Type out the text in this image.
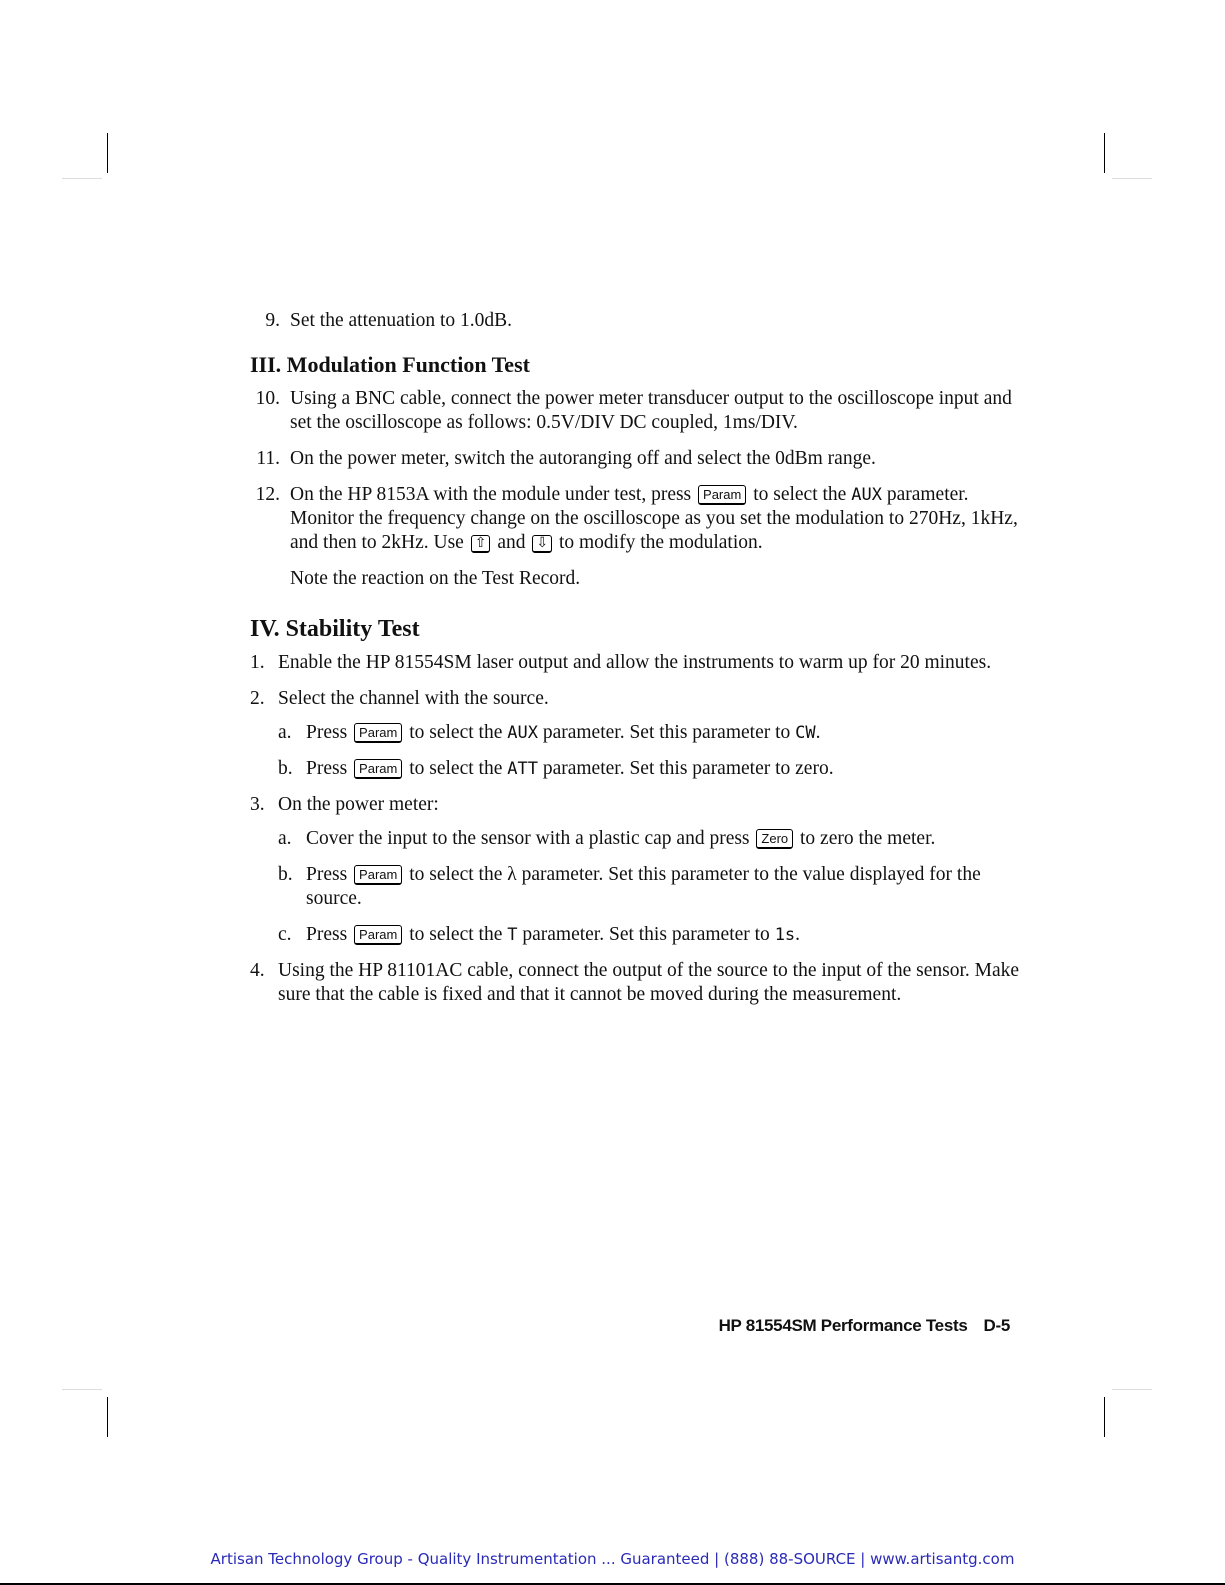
9. Set the attenuation to 1.0dB.
III. Modulation Function Test
10. Using a BNC cable, connect the power meter transducer output to the oscilloscope input and set the oscilloscope as follows: 0.5V/DIV DC coupled, 1ms/DIV.
11. On the power meter, switch the autoranging off and select the 0dBm range.
12. On the HP 8153A with the module under test, press Param to select the AUX parameter. Monitor the frequency change on the oscilloscope as you set the modulation to 270Hz, 1kHz, and then to 2kHz. Use ⇧ and ⇩ to modify the modulation.
Note the reaction on the Test Record.
IV. Stability Test
1. Enable the HP 81554SM laser output and allow the instruments to warm up for 20 minutes.
2. Select the channel with the source.
a. Press Param to select the AUX parameter. Set this parameter to CW.
b. Press Param to select the ATT parameter. Set this parameter to zero.
3. On the power meter:
a. Cover the input to the sensor with a plastic cap and press Zero to zero the meter.
b. Press Param to select the λ parameter. Set this parameter to the value displayed for the source.
c. Press Param to select the T parameter. Set this parameter to 1s.
4. Using the HP 81101AC cable, connect the output of the source to the input of the sensor. Make sure that the cable is fixed and that it cannot be moved during the measurement.
HP 81554SM Performance Tests D-5
Artisan Technology Group - Quality Instrumentation ... Guaranteed | (888) 88-SOURCE | www.artisantg.com
